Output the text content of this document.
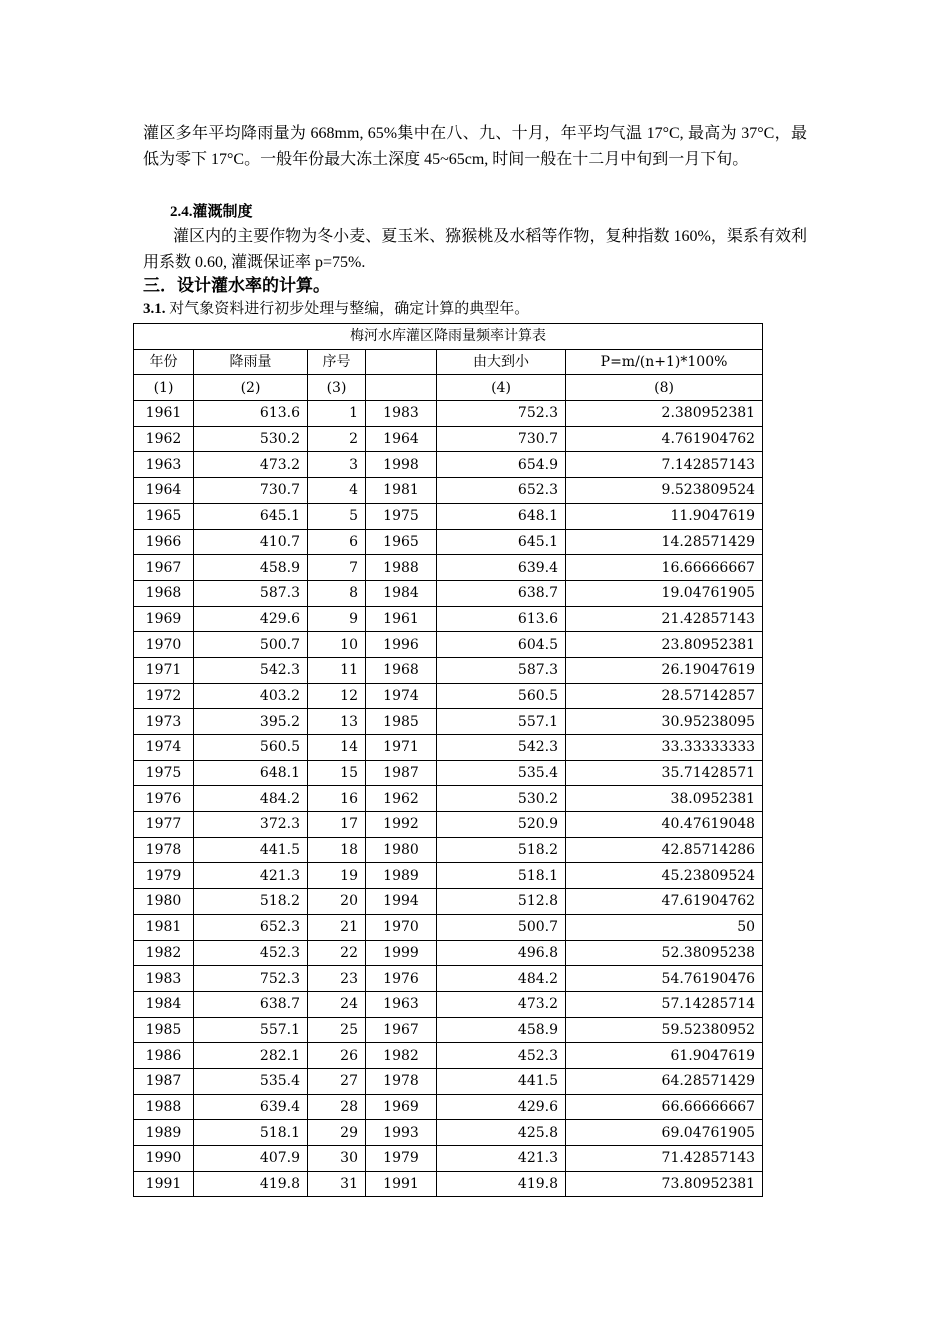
灌区多年平均降雨量为 668mm, 65%集中在八、九、十月，年平均气温 17°C, 最高为 37°C，最低为零下 17°C。一般年份最大冻土深度 45~65cm, 时间一般在十二月中旬到一月下旬。

2.4.灌溉制度

灌区内的主要作物为冬小麦、夏玉米、猕猴桃及水稻等作物，复种指数 160%，渠系有效利用系数 0.60, 灌溉保证率 p=75%.

三．设计灌水率的计算。

3.1. 对气象资料进行初步处理与整编，确定计算的典型年。

梅河水库灌区降雨量频率计算表					
年份	降雨量	序号		由大到小	P=m/(n+1)*100%
(1)	(2)	(3)		(4)	(8)
1961	613.6	1	1983	752.3	2.380952381
1962	530.2	2	1964	730.7	4.761904762
1963	473.2	3	1998	654.9	7.142857143
1964	730.7	4	1981	652.3	9.523809524
1965	645.1	5	1975	648.1	11.9047619
1966	410.7	6	1965	645.1	14.28571429
1967	458.9	7	1988	639.4	16.66666667
1968	587.3	8	1984	638.7	19.04761905
1969	429.6	9	1961	613.6	21.42857143
1970	500.7	10	1996	604.5	23.80952381
1971	542.3	11	1968	587.3	26.19047619
1972	403.2	12	1974	560.5	28.57142857
1973	395.2	13	1985	557.1	30.95238095
1974	560.5	14	1971	542.3	33.33333333
1975	648.1	15	1987	535.4	35.71428571
1976	484.2	16	1962	530.2	38.0952381
1977	372.3	17	1992	520.9	40.47619048
1978	441.5	18	1980	518.2	42.85714286
1979	421.3	19	1989	518.1	45.23809524
1980	518.2	20	1994	512.8	47.61904762
1981	652.3	21	1970	500.7	50
1982	452.3	22	1999	496.8	52.38095238
1983	752.3	23	1976	484.2	54.76190476
1984	638.7	24	1963	473.2	57.14285714
1985	557.1	25	1967	458.9	59.52380952
1986	282.1	26	1982	452.3	61.9047619
1987	535.4	27	1978	441.5	64.28571429
1988	639.4	28	1969	429.6	66.66666667
1989	518.1	29	1993	425.8	69.04761905
1990	407.9	30	1979	421.3	71.42857143
1991	419.8	31	1991	419.8	73.80952381
